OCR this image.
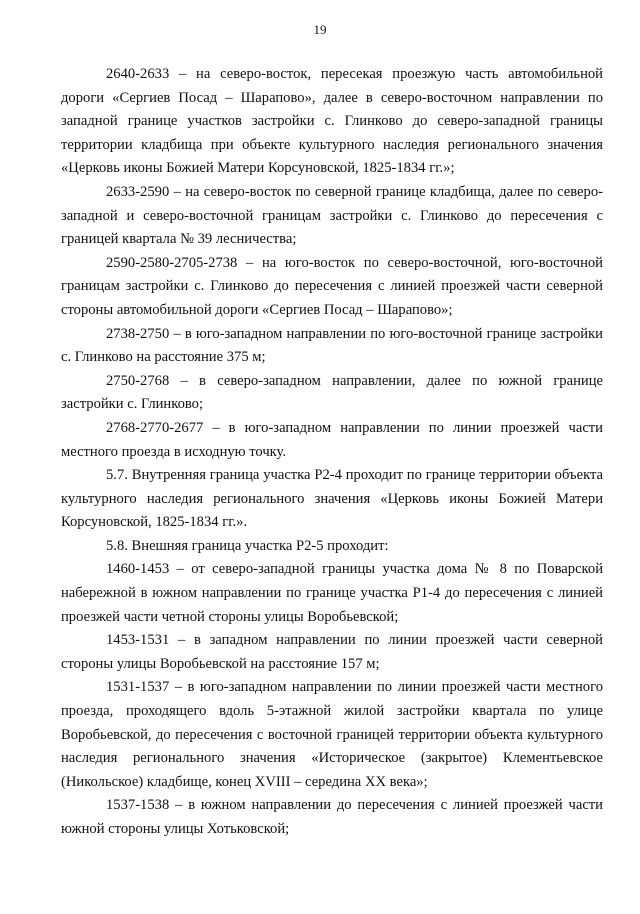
19

2640-2633 – на северо-восток, пересекая проезжую часть автомобильной дороги «Сергиев Посад – Шарапово», далее в северо-восточном направлении по западной границе участков застройки с. Глинково до северо-западной границы территории кладбища при объекте культурного наследия регионального значения «Церковь иконы Божией Матери Корсуновской, 1825-1834 гг.»;

2633-2590 – на северо-восток по северной границе кладбища, далее по северо-западной и северо-восточной границам застройки с. Глинково до пересечения с границей квартала № 39 лесничества;

2590-2580-2705-2738 – на юго-восток по северо-восточной, юго-восточной границам застройки с. Глинково до пересечения с линией проезжей части северной стороны автомобильной дороги «Сергиев Посад – Шарапово»;

2738-2750 – в юго-западном направлении по юго-восточной границе застройки с. Глинково на расстояние 375 м;

2750-2768 – в северо-западном направлении, далее по южной границе застройки с. Глинково;

2768-2770-2677 – в юго-западном направлении по линии проезжей части местного проезда в исходную точку.

5.7. Внутренняя граница участка Р2-4 проходит по границе территории объекта культурного наследия регионального значения «Церковь иконы Божией Матери Корсуновской, 1825-1834 гг.».

5.8. Внешняя граница участка Р2-5 проходит:

1460-1453 – от северо-западной границы участка дома № 8 по Поварской набережной в южном направлении по границе участка Р1-4 до пересечения с линией проезжей части четной стороны улицы Воробьевской;

1453-1531 – в западном направлении по линии проезжей части северной стороны улицы Воробьевской на расстояние 157 м;

1531-1537 – в юго-западном направлении по линии проезжей части местного проезда, проходящего вдоль 5-этажной жилой застройки квартала по улице Воробьевской, до пересечения с восточной границей территории объекта культурного наследия регионального значения «Историческое (закрытое) Клементьевское (Никольское) кладбище, конец XVIII – середина XX века»;

1537-1538 – в южном направлении до пересечения с линией проезжей части южной стороны улицы Хотьковской;
